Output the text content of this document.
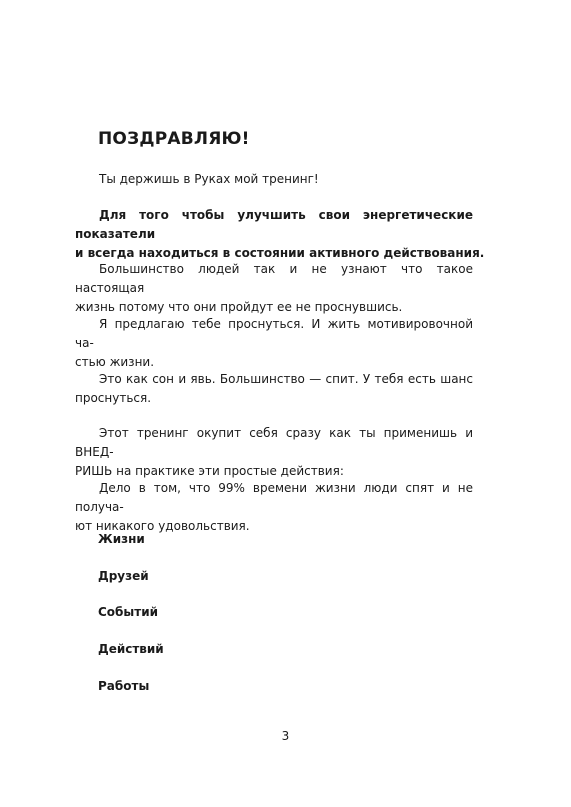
ПОЗДРАВЛЯЮ!

Ты держишь в Руках мой тренинг!

Для того чтобы улучшить свои энергетические показатели
и всегда находиться в состоянии активного действования.

Большинство людей так и не узнают что такое настоящая
жизнь потому что они пройдут ее не проснувшись.

Я предлагаю тебе проснуться. И жить мотивировочной ча-
стью жизни.

Это как сон и явь. Большинство — спит. У тебя есть шанс
проснуться.

Этот тренинг окупит себя сразу как ты применишь и ВНЕД-
РИШЬ на практике эти простые действия:

Дело в том, что 99% времени жизни люди спят и не получа-
ют никакого удовольствия.

Жизни

Друзей

Событий

Действий

Работы

3
